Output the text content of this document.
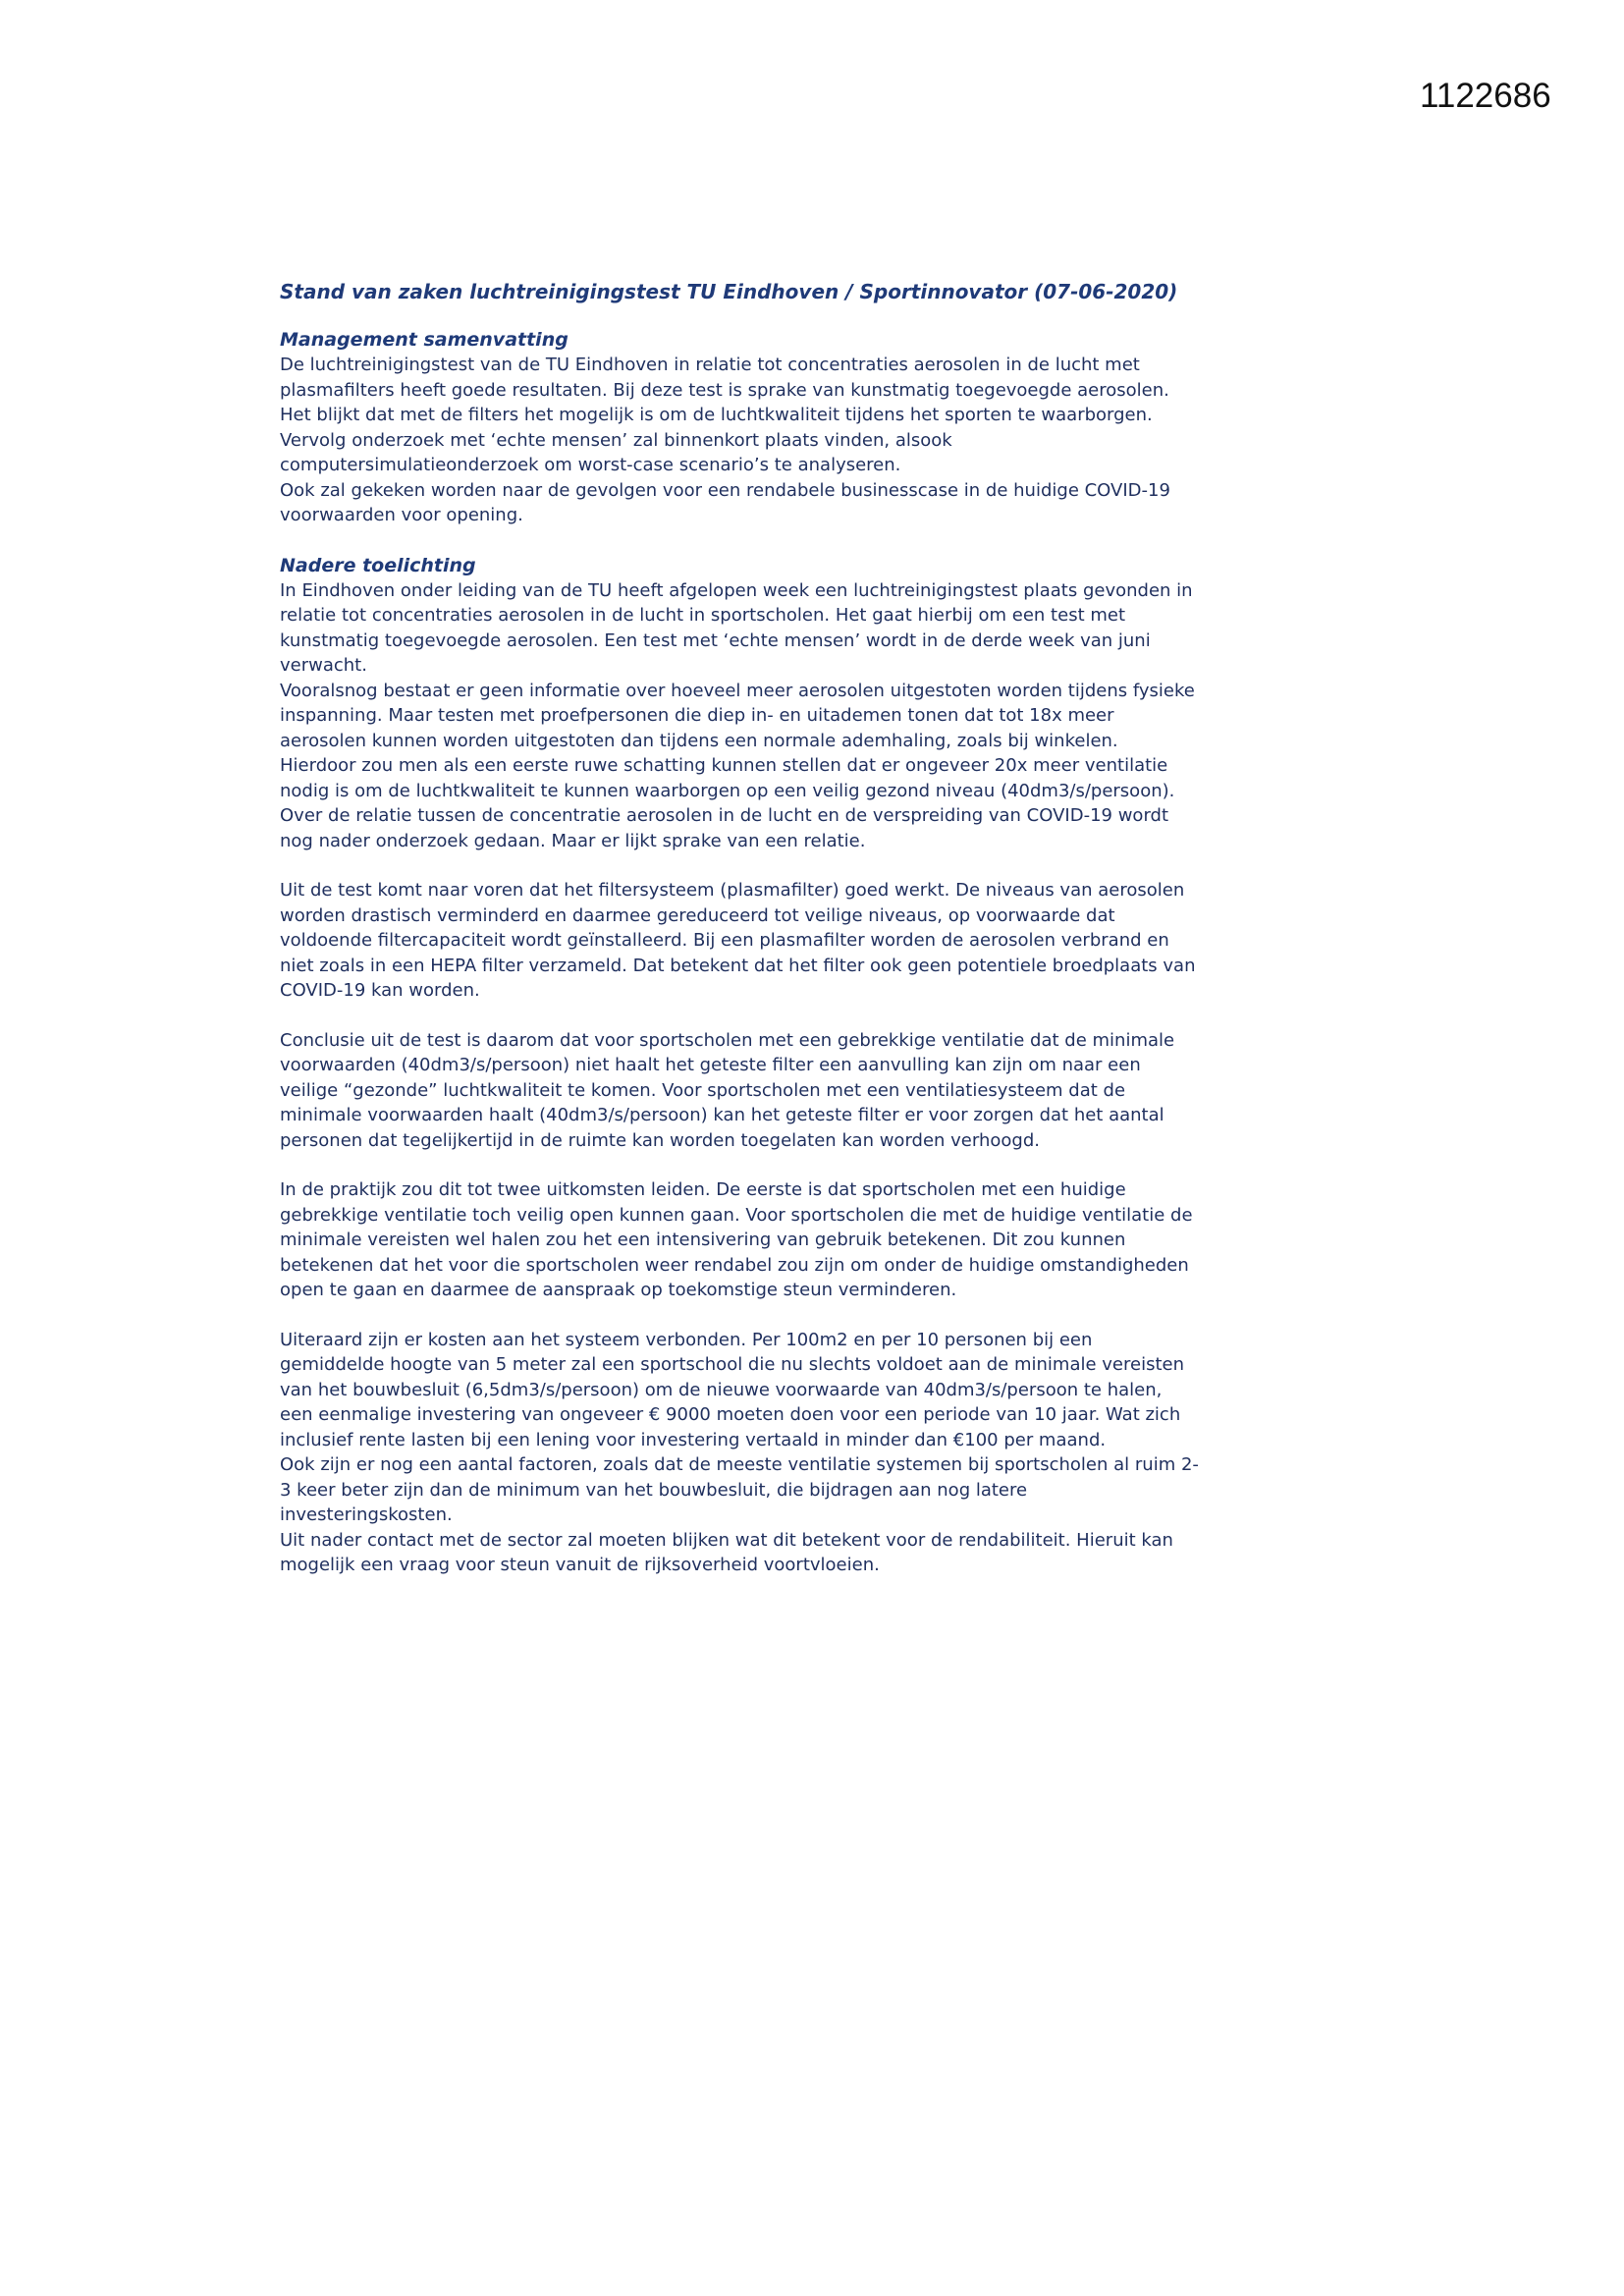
1122686
Stand van zaken luchtreinigingstest TU Eindhoven / Sportinnovator (07-06-2020)
Management samenvatting
De luchtreinigingstest van de TU Eindhoven in relatie tot concentraties aerosolen in de lucht met
plasmafilters heeft goede resultaten. Bij deze test is sprake van kunstmatig toegevoegde aerosolen.
Het blijkt dat met de filters het mogelijk is om de luchtkwaliteit tijdens het sporten te waarborgen.
Vervolg onderzoek met ‘echte mensen’ zal binnenkort plaats vinden, alsook
computersimulatieonderzoek om worst-case scenario’s te analyseren.
Ook zal gekeken worden naar de gevolgen voor een rendabele businesscase in de huidige COVID-19
voorwaarden voor opening.
Nadere toelichting
In Eindhoven onder leiding van de TU heeft afgelopen week een luchtreinigingstest plaats gevonden in
relatie tot concentraties aerosolen in de lucht in sportscholen. Het gaat hierbij om een test met
kunstmatig toegevoegde aerosolen. Een test met ‘echte mensen’ wordt in de derde week van juni
verwacht.
Vooralsnog bestaat er geen informatie over hoeveel meer aerosolen uitgestoten worden tijdens fysieke
inspanning. Maar testen met proefpersonen die diep in- en uitademen tonen dat tot 18x meer
aerosolen kunnen worden uitgestoten dan tijdens een normale ademhaling, zoals bij winkelen.
Hierdoor zou men als een eerste ruwe schatting kunnen stellen dat er ongeveer 20x meer ventilatie
nodig is om de luchtkwaliteit te kunnen waarborgen op een veilig gezond niveau (40dm3/s/persoon).
Over de relatie tussen de concentratie aerosolen in de lucht en de verspreiding van COVID-19 wordt
nog nader onderzoek gedaan. Maar er lijkt sprake van een relatie.
Uit de test komt naar voren dat het filtersysteem (plasmafilter) goed werkt. De niveaus van aerosolen
worden drastisch verminderd en daarmee gereduceerd tot veilige niveaus, op voorwaarde dat
voldoende filtercapaciteit wordt geïnstalleerd. Bij een plasmafilter worden de aerosolen verbrand en
niet zoals in een HEPA filter verzameld. Dat betekent dat het filter ook geen potentiele broedplaats van
COVID-19 kan worden.
Conclusie uit de test is daarom dat voor sportscholen met een gebrekkige ventilatie dat de minimale
voorwaarden (40dm3/s/persoon) niet haalt het geteste filter een aanvulling kan zijn om naar een
veilige “gezonde” luchtkwaliteit te komen. Voor sportscholen met een ventilatiesysteem dat de
minimale voorwaarden haalt (40dm3/s/persoon) kan het geteste filter er voor zorgen dat het aantal
personen dat tegelijkertijd in de ruimte kan worden toegelaten kan worden verhoogd.
In de praktijk zou dit tot twee uitkomsten leiden. De eerste is dat sportscholen met een huidige
gebrekkige ventilatie toch veilig open kunnen gaan. Voor sportscholen die met de huidige ventilatie de
minimale vereisten wel halen zou het een intensivering van gebruik betekenen. Dit zou kunnen
betekenen dat het voor die sportscholen weer rendabel zou zijn om onder de huidige omstandigheden
open te gaan en daarmee de aanspraak op toekomstige steun verminderen.
Uiteraard zijn er kosten aan het systeem verbonden. Per 100m2 en per 10 personen bij een
gemiddelde hoogte van 5 meter zal een sportschool die nu slechts voldoet aan de minimale vereisten
van het bouwbesluit (6,5dm3/s/persoon) om de nieuwe voorwaarde van 40dm3/s/persoon te halen,
een eenmalige investering van ongeveer € 9000 moeten doen voor een periode van 10 jaar. Wat zich
inclusief rente lasten bij een lening voor investering vertaald in minder dan €100 per maand.
Ook zijn er nog een aantal factoren, zoals dat de meeste ventilatie systemen bij sportscholen al ruim 2-
3 keer beter zijn dan de minimum van het bouwbesluit, die bijdragen aan nog latere
investeringskosten.
Uit nader contact met de sector zal moeten blijken wat dit betekent voor de rendabiliteit. Hieruit kan
mogelijk een vraag voor steun vanuit de rijksoverheid voortvloeien.
